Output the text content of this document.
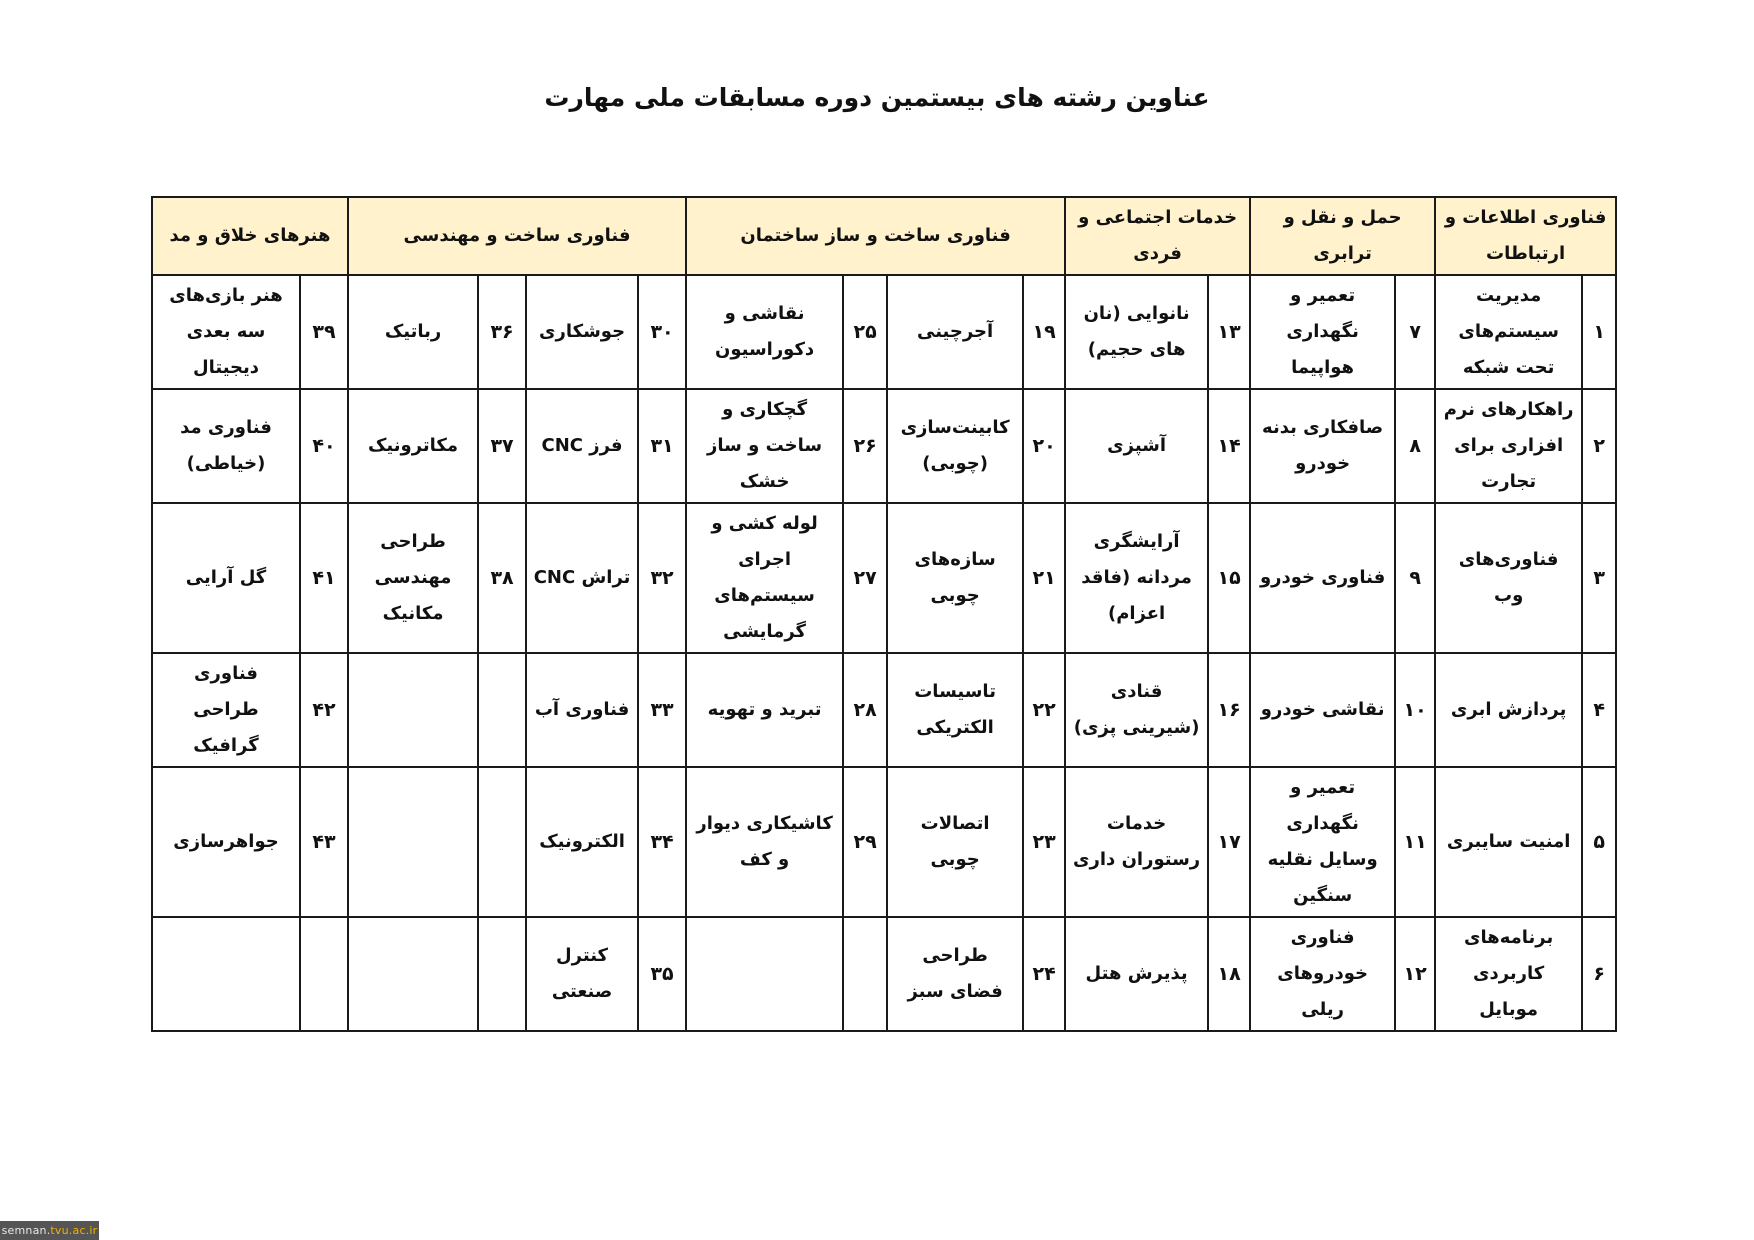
عناوین رشته های بیستمین دوره مسابقات ملی مهارت
فناوری اطلاعات و ارتباطات		حمل و نقل و ترابری		خدمات اجتماعی و فردی		فناوری ساخت و ساز ساختمان				فناوری ساخت و مهندسی				هنرهای خلاق و مد	
۱	مدیریت سیستم‌های تحت شبکه	۷	تعمیر و نگهداری هواپیما	۱۳	نانوایی (نان های حجیم)	۱۹	آجرچینی	۲۵	نقاشی و دکوراسیون	۳۰	جوشکاری	۳۶	رباتیک	۳۹	هنر بازی‌های سه بعدی دیجیتال
۲	راهکارهای نرم افزاری برای تجارت	۸	صافکاری بدنه خودرو	۱۴	آشپزی	۲۰	کابینت‌سازی (چوبی)	۲۶	گچکاری و ساخت و ساز خشک	۳۱	فرز CNC	۳۷	مکاترونیک	۴۰	فناوری مد (خیاطی)
۳	فناوری‌های وب	۹	فناوری خودرو	۱۵	آرایشگری مردانه (فاقد اعزام)	۲۱	سازه‌های چوبی	۲۷	لوله کشی و اجرای سیستم‌های گرمایشی	۳۲	تراش CNC	۳۸	طراحی مهندسی مکانیک	۴۱	گل آرایی
۴	پردازش ابری	۱۰	نقاشی خودرو	۱۶	قنادی (شیرینی پزی)	۲۲	تاسیسات الکتریکی	۲۸	تبرید و تهویه	۳۳	فناوری آب			۴۲	فناوری طراحی گرافیک
۵	امنیت سایبری	۱۱	تعمیر و نگهداری وسایل نقلیه سنگین	۱۷	خدمات رستوران داری	۲۳	اتصالات چوبی	۲۹	کاشیکاری دیوار و کف	۳۴	الکترونیک			۴۳	جواهرسازی
۶	برنامه‌های کاربردی موبایل	۱۲	فناوری خودروهای ریلی	۱۸	پذیرش هتل	۲۴	طراحی فضای سبز			۳۵	کنترل صنعتی				
semnan.tvu.ac.ir
